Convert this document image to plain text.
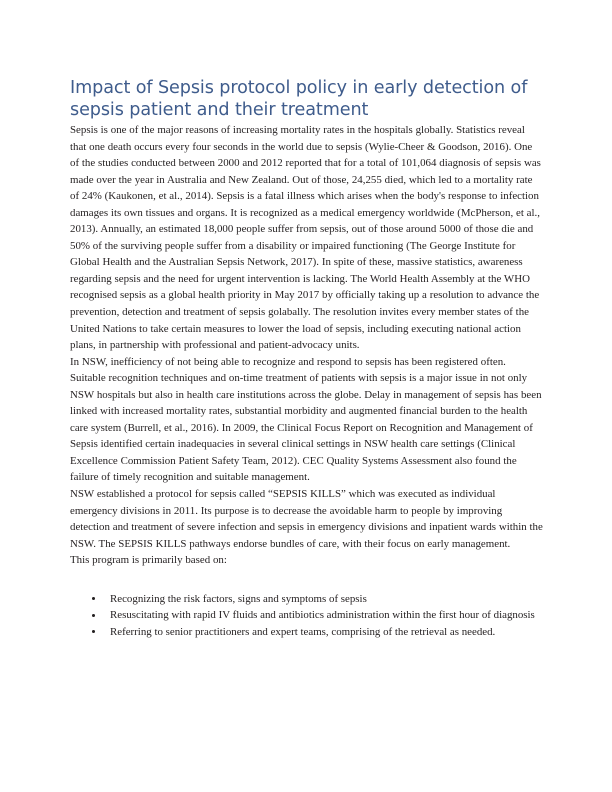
Impact of Sepsis protocol policy in early detection of
sepsis patient and their treatment

Sepsis is one of the major reasons of increasing mortality rates in the hospitals globally. Statistics reveal that one death occurs every four seconds in the world due to sepsis (Wylie-Cheer & Goodson, 2016). One of the studies conducted between 2000 and 2012 reported that for a total of 101,064 diagnosis of sepsis was made over the year in Australia and New Zealand. Out of those, 24,255 died, which led to a mortality rate of 24% (Kaukonen, et al., 2014). Sepsis is a fatal illness which arises when the body's response to infection damages its own tissues and organs. It is recognized as a medical emergency worldwide (McPherson, et al., 2013). Annually, an estimated 18,000 people suffer from sepsis, out of those around 5000 of those die and 50% of the surviving people suffer from a disability or impaired functioning (The George Institute for Global Health and the Australian Sepsis Network, 2017). In spite of these, massive statistics, awareness regarding sepsis and the need for urgent intervention is lacking. The World Health Assembly at the WHO recognised sepsis as a global health priority in May 2017 by officially taking up a resolution to advance the prevention, detection and treatment of sepsis golabally. The resolution invites every member states of the United Nations to take certain measures to lower the load of sepsis, including executing national action plans, in partnership with professional and patient-advocacy units.

In NSW, inefficiency of not being able to recognize and respond to sepsis has been registered often. Suitable recognition techniques and on-time treatment of patients with sepsis is a major issue in not only NSW hospitals but also in health care institutions across the globe. Delay in management of sepsis has been linked with increased mortality rates, substantial morbidity and augmented financial burden to the health care system (Burrell, et al., 2016). In 2009, the Clinical Focus Report on Recognition and Management of Sepsis identified certain inadequacies in several clinical settings in NSW health care settings (Clinical Excellence Commission Patient Safety Team, 2012). CEC Quality Systems Assessment also found the failure of timely recognition and suitable management.

NSW established a protocol for sepsis called “SEPSIS KILLS” which was executed as individual emergency divisions in 2011. Its purpose is to decrease the avoidable harm to people by improving detection and treatment of severe infection and sepsis in emergency divisions and inpatient wards within the NSW. The SEPSIS KILLS pathways endorse bundles of care, with their focus on early management.

This program is primarily based on:

Recognizing the risk factors, signs and symptoms of sepsis
Resuscitating with rapid IV fluids and antibiotics administration within the first hour of diagnosis
Referring to senior practitioners and expert teams, comprising of the retrieval as needed.
